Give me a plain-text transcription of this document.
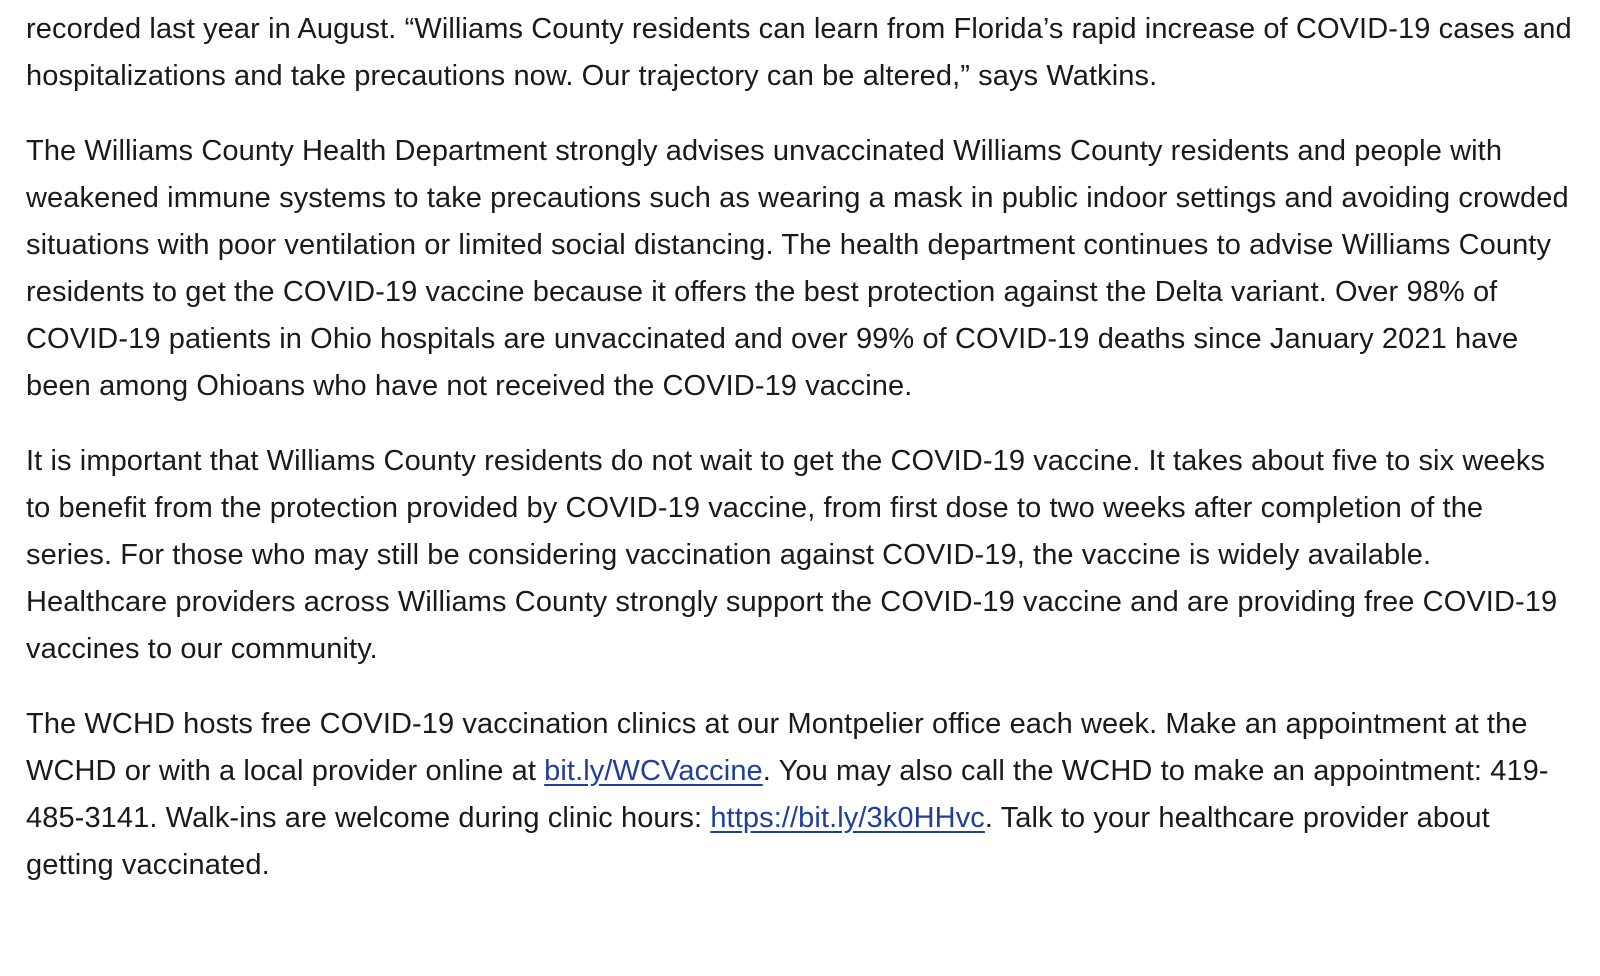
recorded last year in August. “Williams County residents can learn from Florida’s rapid increase of COVID-19 cases and hospitalizations and take precautions now. Our trajectory can be altered,” says Watkins.

The Williams County Health Department strongly advises unvaccinated Williams County residents and people with weakened immune systems to take precautions such as wearing a mask in public indoor settings and avoiding crowded situations with poor ventilation or limited social distancing. The health department continues to advise Williams County residents to get the COVID-19 vaccine because it offers the best protection against the Delta variant. Over 98% of COVID-19 patients in Ohio hospitals are unvaccinated and over 99% of COVID-19 deaths since January 2021 have been among Ohioans who have not received the COVID-19 vaccine.

It is important that Williams County residents do not wait to get the COVID-19 vaccine. It takes about five to six weeks to benefit from the protection provided by COVID-19 vaccine, from first dose to two weeks after completion of the series. For those who may still be considering vaccination against COVID-19, the vaccine is widely available. Healthcare providers across Williams County strongly support the COVID-19 vaccine and are providing free COVID-19 vaccines to our community.

The WCHD hosts free COVID-19 vaccination clinics at our Montpelier office each week. Make an appointment at the WCHD or with a local provider online at bit.ly/WCVaccine. You may also call the WCHD to make an appointment: 419-485-3141. Walk-ins are welcome during clinic hours: https://bit.ly/3k0HHvc. Talk to your healthcare provider about getting vaccinated.
